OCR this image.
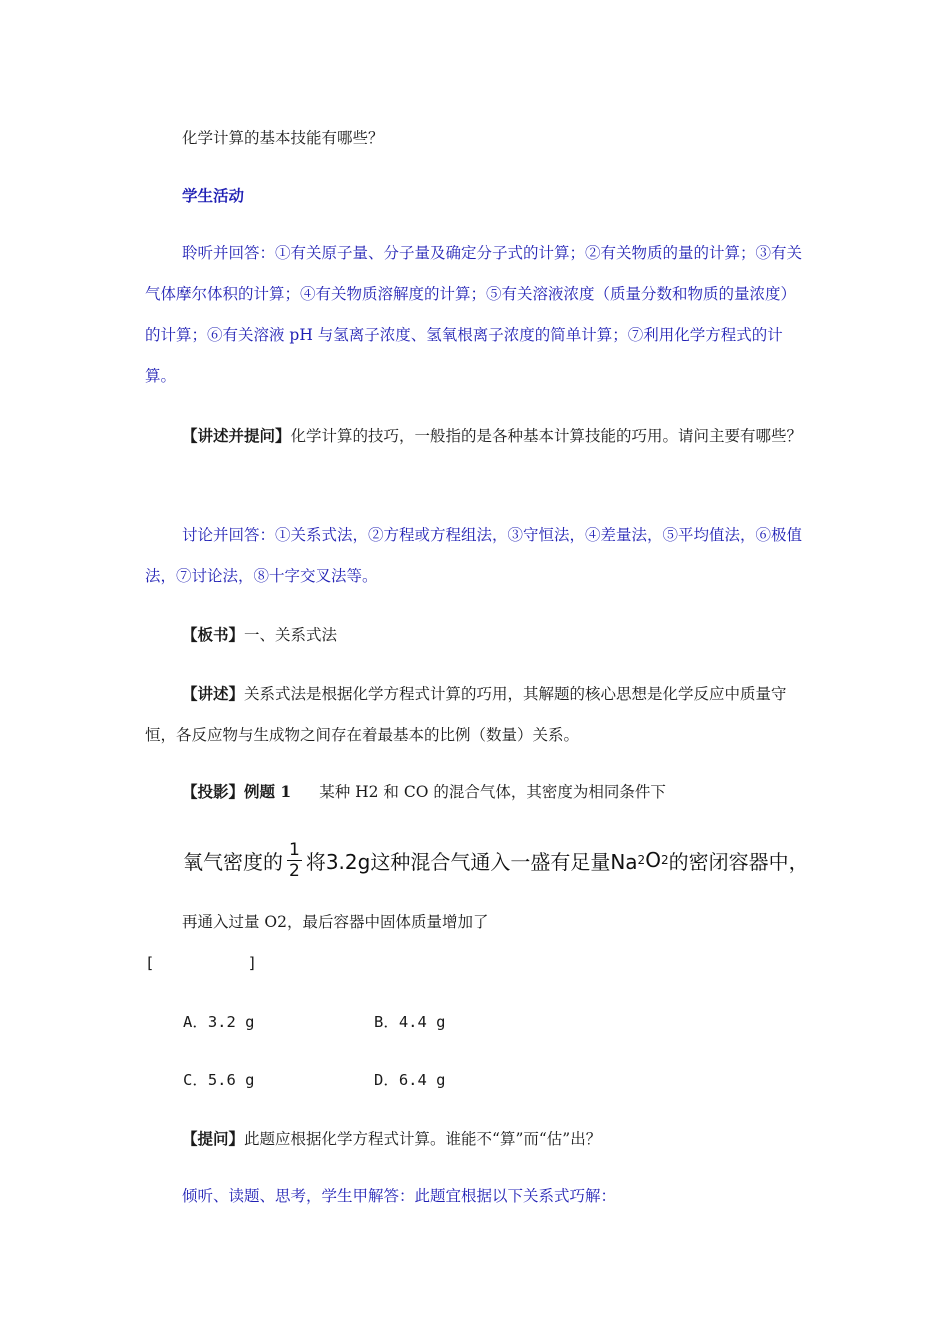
化学计算的基本技能有哪些？

学生活动

聆听并回答：①有关原子量、分子量及确定分子式的计算；②有关物质的量的计算；③有关气体摩尔体积的计算；④有关物质溶解度的计算；⑤有关溶液浓度（质量分数和物质的量浓度）的计算；⑥有关溶液 pH 与氢离子浓度、氢氧根离子浓度的简单计算；⑦利用化学方程式的计算。

【讲述并提问】化学计算的技巧，一般指的是各种基本计算技能的巧用。请问主要有哪些？

讨论并回答：①关系式法，②方程或方程组法，③守恒法，④差量法，⑤平均值法，⑥极值法，⑦讨论法，⑧十字交叉法等。

【板书】一、关系式法

【讲述】关系式法是根据化学方程式计算的巧用，其解题的核心思想是化学反应中质量守恒，各反应物与生成物之间存在着最基本的比例（数量）关系。

【投影】例题 1 某种 H2 和 CO 的混合气体，其密度为相同条件下

氧气密度的 $\frac{1}{2}$ 将3.2g这种混合气通入一盛有足量Na 2 O 2 的密闭容器中，

再通入过量 O2，最后容器中固体质量增加了

[          ]

A．3.2 g	B．4.4 g
C．5.6 g	D．6.4 g

【提问】此题应根据化学方程式计算。谁能不“算”而“估”出？

倾听、读题、思考，学生甲解答：此题宜根据以下关系式巧解：
